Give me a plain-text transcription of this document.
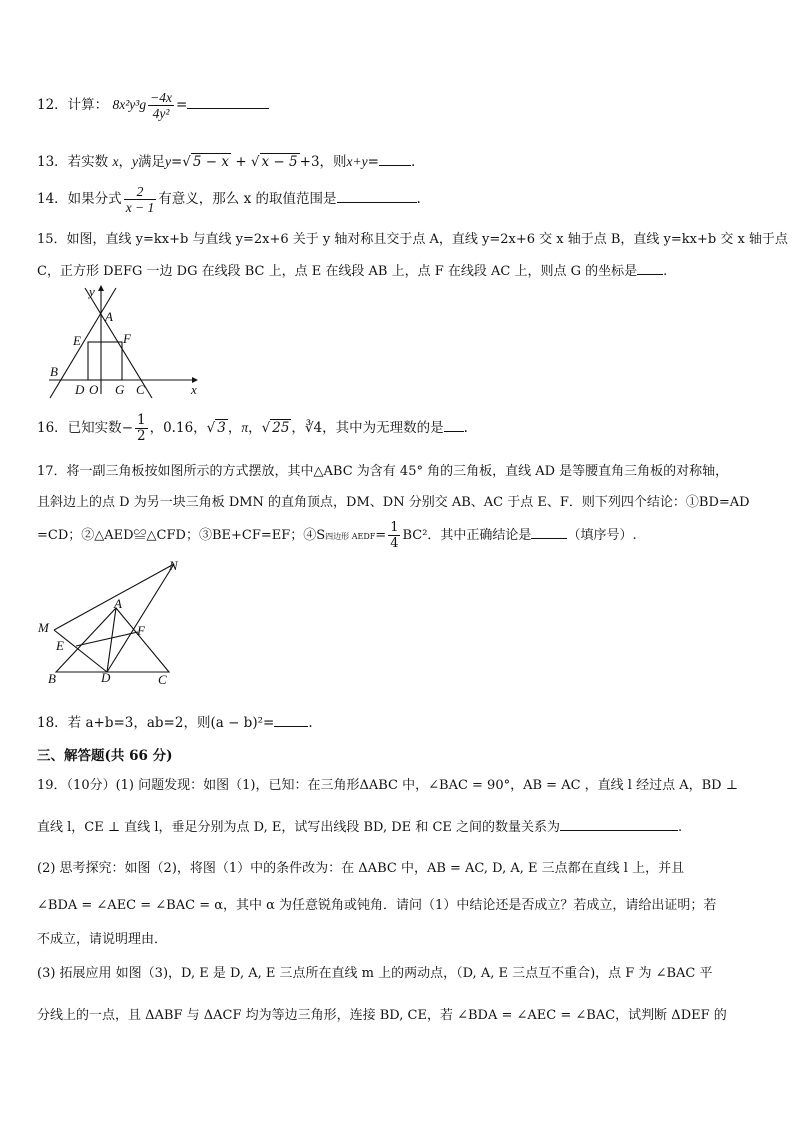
12．计算： $8x^2y^3g \frac{-4x}{\text{4y²}}$ =
13．若实数 x，y满足y=√ 5 − x + √ x − 5 +3，则x+y= .
14．如果分式 $\frac{2}{x - 1}$ 有意义，那么 x 的取值范围是	.
15．如图，直线 y=kx+b 与直线 y=2x+6 关于 y 轴对称且交于点 A，直线 y=2x+6 交 x 轴于点 B，直线 y=kx+b 交 x 轴于点
C，正方形 DEFG 一边 DG 在线段 BC 上，点 E 在线段 AB 上，点 F 在线段 AC 上，则点 G 的坐标是 .
y
x
A
E	F
B
D O G C
16．已知实数− $\frac{1}{2}$ ，0.16，√ 3 ，π，√ 25 ，∛4，其中为无理数的是 .
17．将一副三角板按如图所示的方式摆放，其中△ABC 为含有 45° 角的三角板，直线 AD 是等腰直角三角板的对称轴，
且斜边上的点 D 为另一块三角板 DMN 的直角顶点，DM、DN 分别交 AB、AC 于点 E、F．则下列四个结论：①BD=AD
=CD；②△AED≌△CFD；③BE+CF=EF；④S四边形 AEDF= $\frac{1}{4} BC^2$．其中正确结论是	（填序号）.
N
A
M	F
E
B	D	C
18．若 a+b=3，ab=2，则(a − b)²=	.
三、解答题(共 66 分)
19．（10分）(1) 问题发现：如图（1)，已知：在三角形ΔABC 中，∠BAC = 90°，AB = AC ，直线 l 经过点 A，BD ⊥
直线 l，CE ⊥ 直线 l，垂足分别为点 D, E，试写出线段 BD, DE 和 CE 之间的数量关系为	.
(2) 思考探究：如图（2)，将图（1）中的条件改为：在 ΔABC 中，AB = AC, D, A, E 三点都在直线 l 上，并且
∠BDA = ∠AEC = ∠BAC = α，其中 α 为任意锐角或钝角．请问（1）中结论还是否成立？若成立，请给出证明；若
不成立，请说明理由．
(3) 拓展应用 如图（3)，D, E 是 D, A, E 三点所在直线 m 上的两动点，（D, A, E 三点互不重合)，点 F 为 ∠BAC 平
分线上的一点，且 ΔABF 与 ΔACF 均为等边三角形，连接 BD, CE，若 ∠BDA = ∠AEC = ∠BAC，试判断 ΔDEF 的
